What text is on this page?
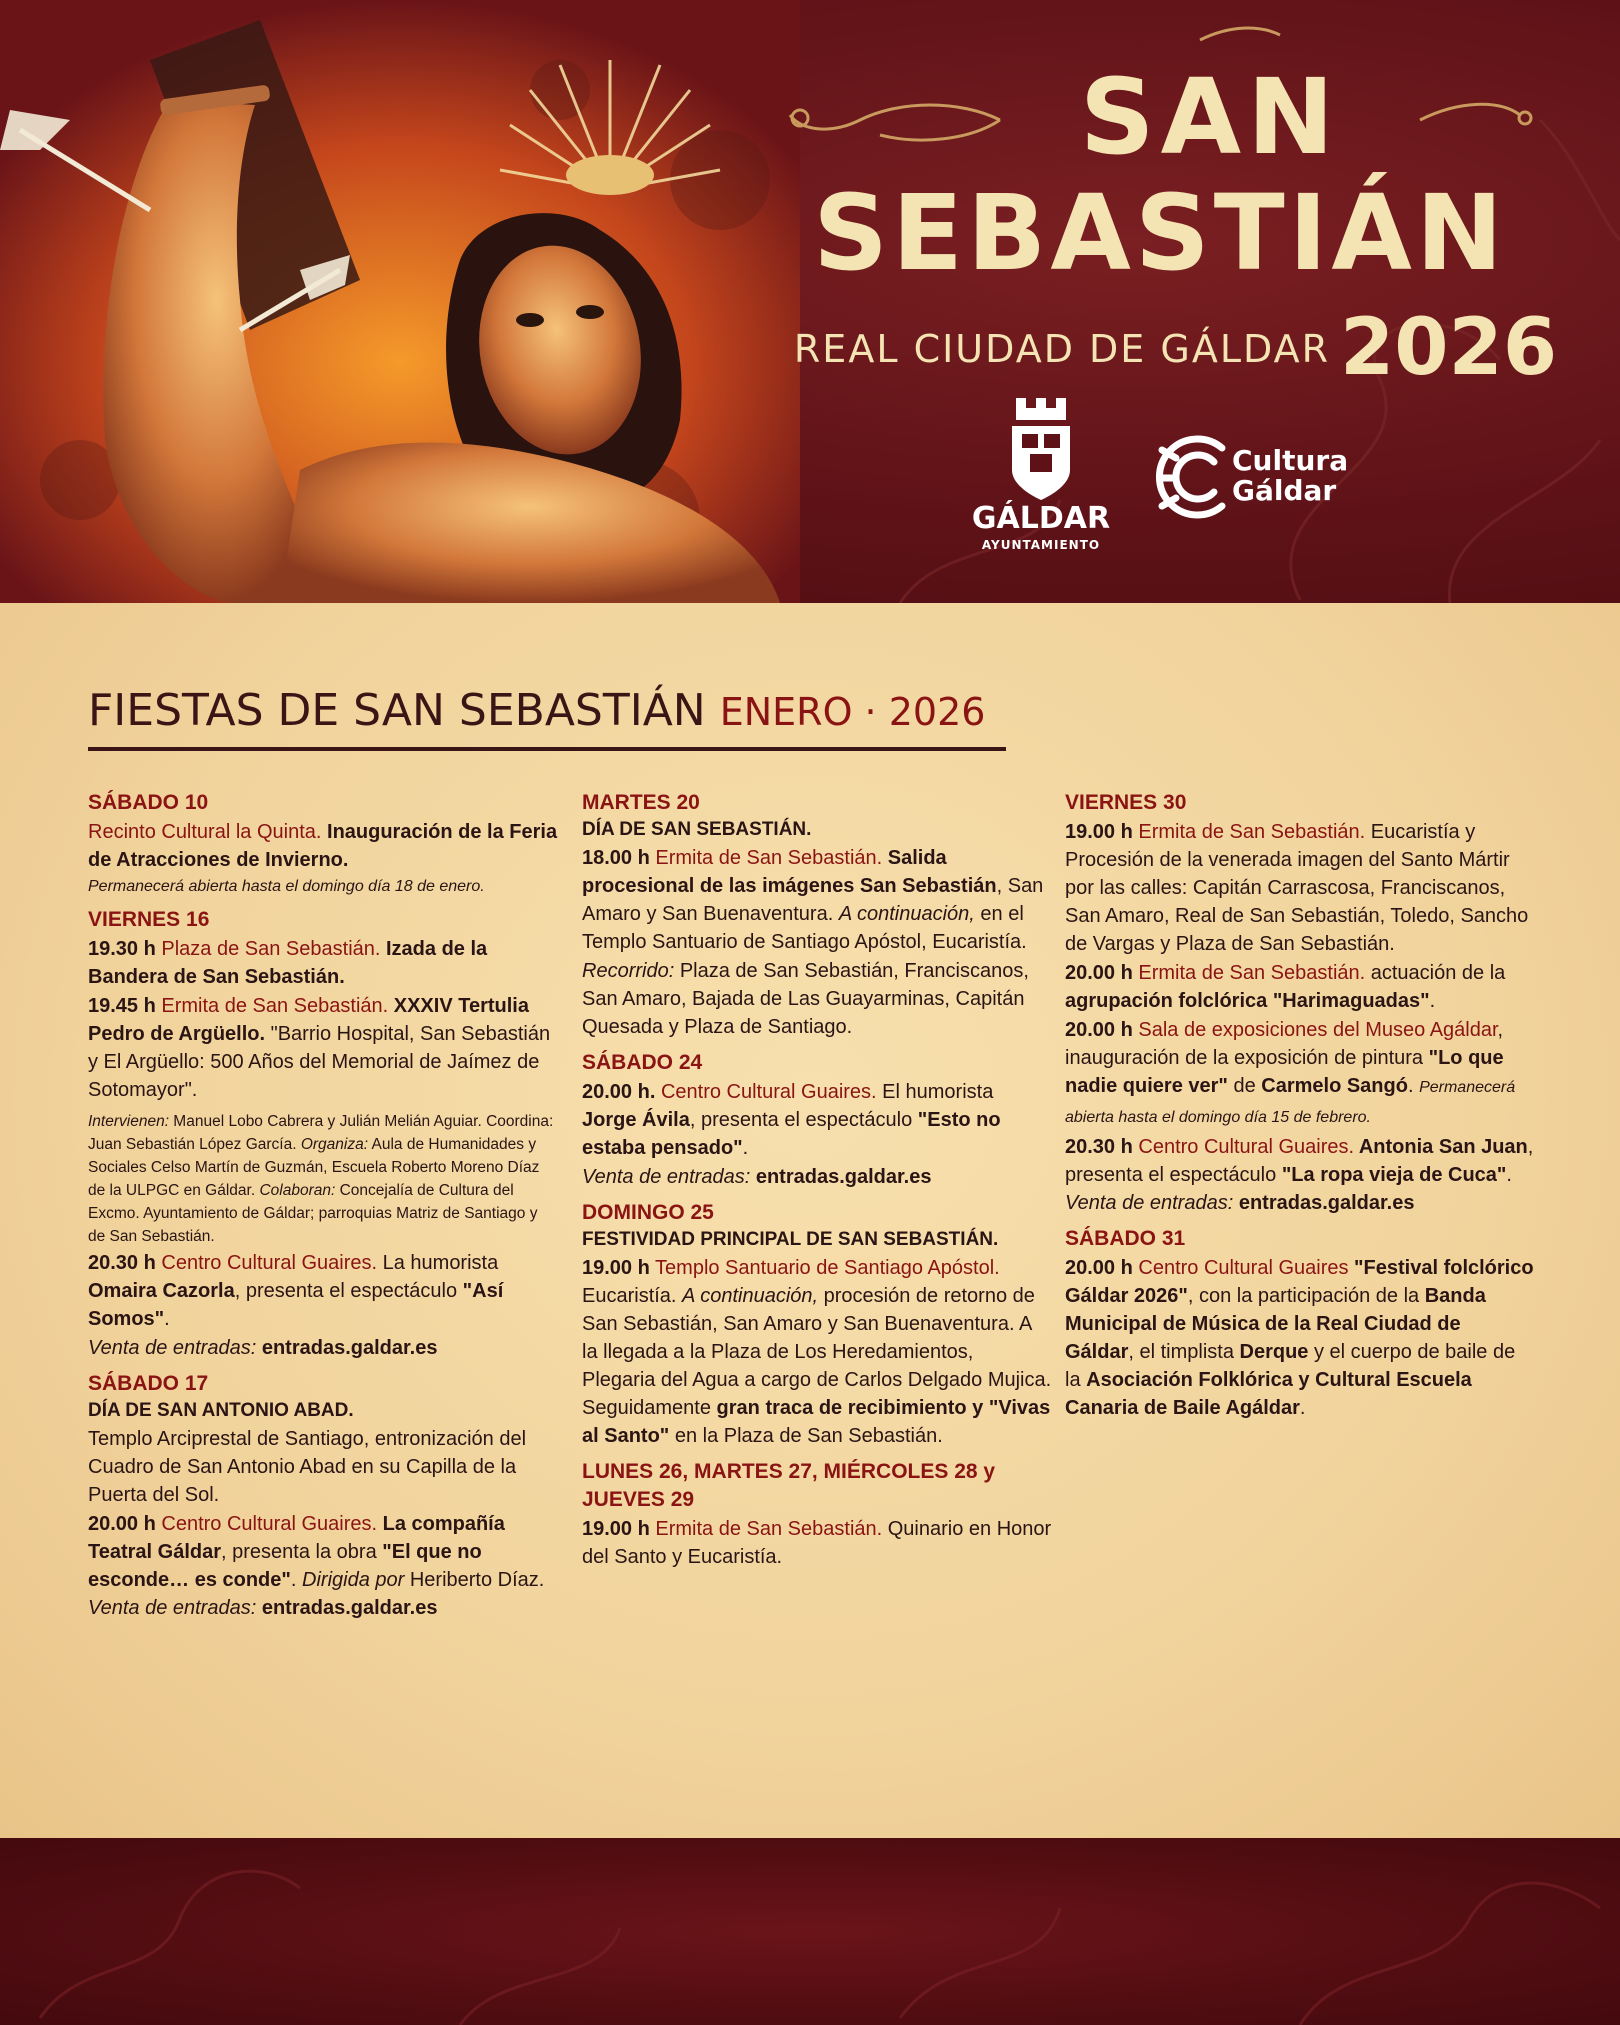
SAN
SEBASTIÁN
REAL CIUDAD DE GÁLDAR 2026
GÁLDAR
AYUNTAMIENTO
Cultura
Gáldar
FIESTAS DE SAN SEBASTIÁN ENERO · 2026
SÁBADO 10
Recinto Cultural la Quinta. Inauguración de la Feria de Atracciones de Invierno.
Permanecerá abierta hasta el domingo día 18 de enero.
VIERNES 16
19.30 h Plaza de San Sebastián. Izada de la Bandera de San Sebastián.
19.45 h Ermita de San Sebastián. XXXIV Tertulia Pedro de Argüello. "Barrio Hospital, San Sebastián y El Argüello: 500 Años del Memorial de Jaímez de Sotomayor".
Intervienen: Manuel Lobo Cabrera y Julián Melián Aguiar. Coordina: Juan Sebastián López García. Organiza: Aula de Humanidades y Sociales Celso Martín de Guzmán, Escuela Roberto Moreno Díaz de la ULPGC en Gáldar. Colaboran: Concejalía de Cultura del Excmo. Ayuntamiento de Gáldar; parroquias Matriz de Santiago y de San Sebastián.
20.30 h Centro Cultural Guaires. La humorista Omaira Cazorla, presenta el espectáculo "Así Somos".
Venta de entradas: entradas.galdar.es
SÁBADO 17
DÍA DE SAN ANTONIO ABAD.
Templo Arciprestal de Santiago, entronización del Cuadro de San Antonio Abad en su Capilla de la Puerta del Sol.
20.00 h Centro Cultural Guaires. La compañía Teatral Gáldar, presenta la obra "El que no esconde… es conde". Dirigida por Heriberto Díaz. Venta de entradas: entradas.galdar.es
MARTES 20
DÍA DE SAN SEBASTIÁN.
18.00 h Ermita de San Sebastián. Salida procesional de las imágenes San Sebastián, San Amaro y San Buenaventura. A continuación, en el Templo Santuario de Santiago Apóstol, Eucaristía.
Recorrido: Plaza de San Sebastián, Franciscanos, San Amaro, Bajada de Las Guayarminas, Capitán Quesada y Plaza de Santiago.
SÁBADO 24
20.00 h. Centro Cultural Guaires. El humorista Jorge Ávila, presenta el espectáculo "Esto no estaba pensado".
Venta de entradas: entradas.galdar.es
DOMINGO 25
FESTIVIDAD PRINCIPAL DE SAN SEBASTIÁN.
19.00 h Templo Santuario de Santiago Apóstol. Eucaristía. A continuación, procesión de retorno de San Sebastián, San Amaro y San Buenaventura. A la llegada a la Plaza de Los Heredamientos, Plegaria del Agua a cargo de Carlos Delgado Mujica. Seguidamente gran traca de recibimiento y "Vivas al Santo" en la Plaza de San Sebastián.
LUNES 26, MARTES 27, MIÉRCOLES 28 y JUEVES 29
19.00 h Ermita de San Sebastián. Quinario en Honor del Santo y Eucaristía.
VIERNES 30
19.00 h Ermita de San Sebastián. Eucaristía y Procesión de la venerada imagen del Santo Mártir por las calles: Capitán Carrascosa, Franciscanos, San Amaro, Real de San Sebastián, Toledo, Sancho de Vargas y Plaza de San Sebastián.
20.00 h Ermita de San Sebastián. actuación de la agrupación folclórica "Harimaguadas".
20.00 h Sala de exposiciones del Museo Agáldar, inauguración de la exposición de pintura "Lo que nadie quiere ver" de Carmelo Sangó. Permanecerá abierta hasta el domingo día 15 de febrero.
20.30 h Centro Cultural Guaires. Antonia San Juan, presenta el espectáculo "La ropa vieja de Cuca". Venta de entradas: entradas.galdar.es
SÁBADO 31
20.00 h Centro Cultural Guaires "Festival folclórico Gáldar 2026", con la participación de la Banda Municipal de Música de la Real Ciudad de Gáldar, el timplista Derque y el cuerpo de baile de la Asociación Folklórica y Cultural Escuela Canaria de Baile Agáldar.
